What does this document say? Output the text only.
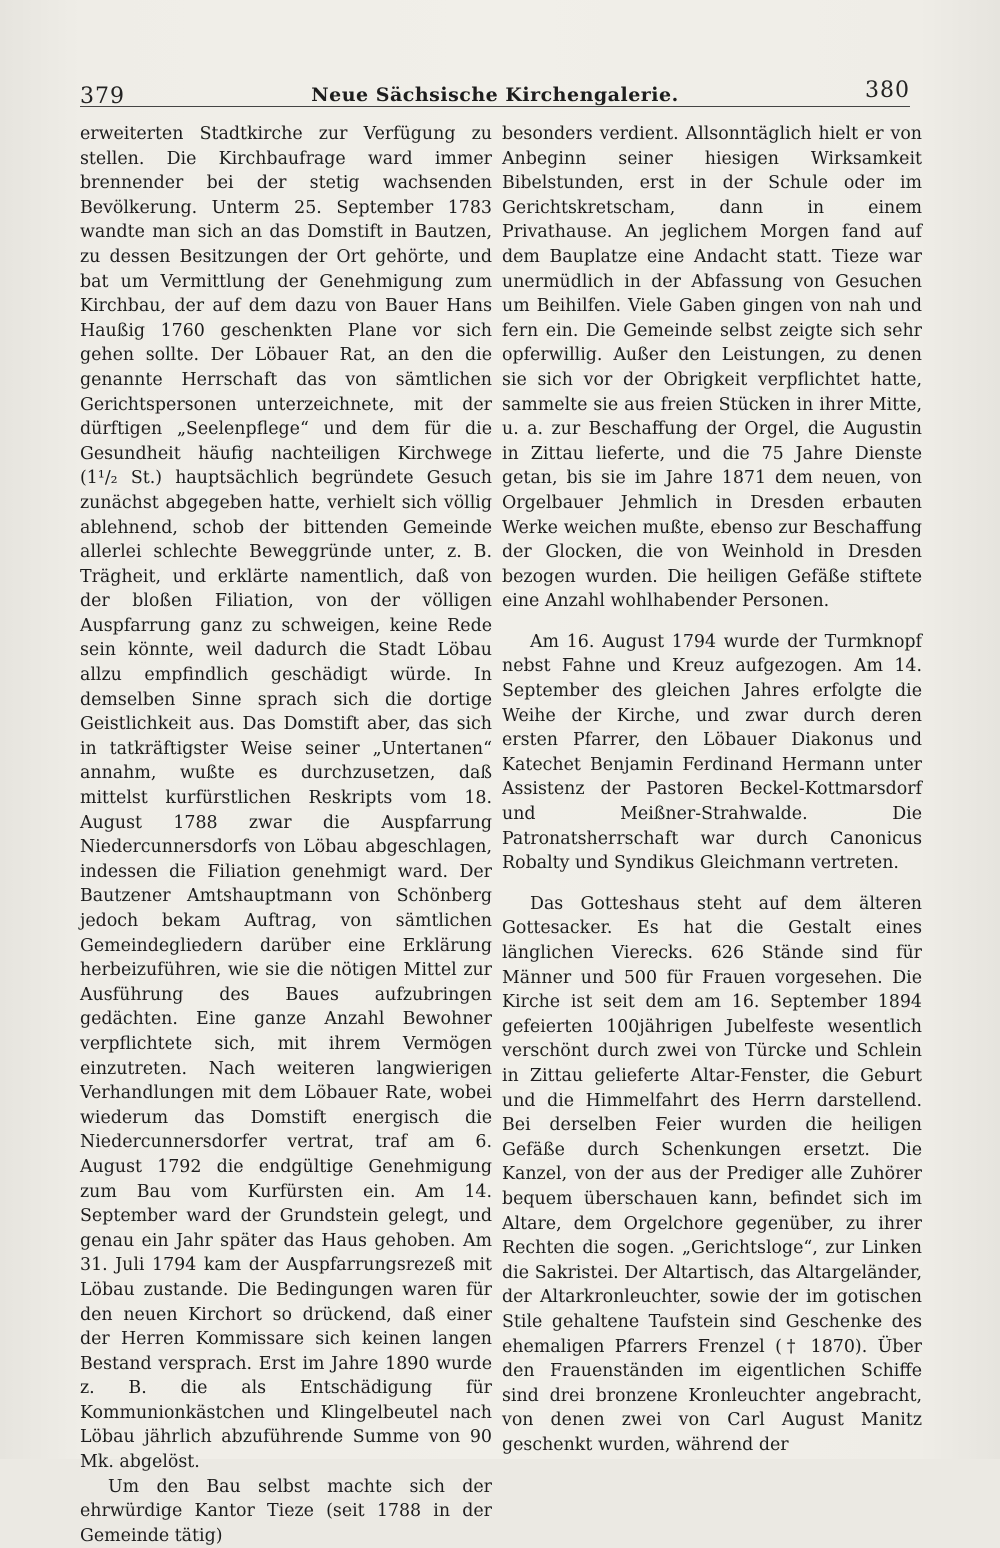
379	Neue Sächsische Kirchengalerie.	380

erweiterten Stadtkirche zur Verfügung zu stellen. Die Kirchbaufrage ward immer brennender bei der stetig wachsenden Bevölkerung. Unterm 25. September 1783 wandte man sich an das Domstift in Bautzen, zu dessen Besitzungen der Ort gehörte, und bat um Vermittlung der Genehmigung zum Kirchbau, der auf dem dazu von Bauer Hans Haußig 1760 geschenkten Plane vor sich gehen sollte. Der Löbauer Rat, an den die genannte Herrschaft das von sämtlichen Gerichtspersonen unterzeichnete, mit der dürftigen „Seelenpflege“ und dem für die Gesundheit häufig nachteiligen Kirchwege (1¹/₂ St.) hauptsächlich begründete Gesuch zunächst abgegeben hatte, verhielt sich völlig ablehnend, schob der bittenden Gemeinde allerlei schlechte Beweggründe unter, z. B. Trägheit, und erklärte namentlich, daß von der bloßen Filiation, von der völligen Auspfarrung ganz zu schweigen, keine Rede sein könnte, weil dadurch die Stadt Löbau allzu empfindlich geschädigt würde. In demselben Sinne sprach sich die dortige Geistlichkeit aus. Das Domstift aber, das sich in tatkräftigster Weise seiner „Untertanen“ annahm, wußte es durchzusetzen, daß mittelst kurfürstlichen Reskripts vom 18. August 1788 zwar die Auspfarrung Niedercunnersdorfs von Löbau abgeschlagen, indessen die Filiation genehmigt ward. Der Bautzener Amtshauptmann von Schönberg jedoch bekam Auftrag, von sämtlichen Gemeindegliedern darüber eine Erklärung herbeizuführen, wie sie die nötigen Mittel zur Ausführung des Baues aufzubringen gedächten. Eine ganze Anzahl Bewohner verpflichtete sich, mit ihrem Vermögen einzutreten. Nach weiteren langwierigen Verhandlungen mit dem Löbauer Rate, wobei wiederum das Domstift energisch die Niedercunnersdorfer vertrat, traf am 6. August 1792 die endgültige Genehmigung zum Bau vom Kurfürsten ein. Am 14. September ward der Grundstein gelegt, und genau ein Jahr später das Haus gehoben. Am 31. Juli 1794 kam der Auspfarrungsrezeß mit Löbau zustande. Die Bedingungen waren für den neuen Kirchort so drückend, daß einer der Herren Kommissare sich keinen langen Bestand versprach. Erst im Jahre 1890 wurde z. B. die als Entschädigung für Kommunionkästchen und Klingelbeutel nach Löbau jährlich abzuführende Summe von 90 Mk. abgelöst.

Um den Bau selbst machte sich der ehrwürdige Kantor Tieze (seit 1788 in der Gemeinde tätig)

besonders verdient. Allsonntäglich hielt er von Anbeginn seiner hiesigen Wirksamkeit Bibelstunden, erst in der Schule oder im Gerichtskretscham, dann in einem Privathause. An jeglichem Morgen fand auf dem Bauplatze eine Andacht statt. Tieze war unermüdlich in der Abfassung von Gesuchen um Beihilfen. Viele Gaben gingen von nah und fern ein. Die Gemeinde selbst zeigte sich sehr opferwillig. Außer den Leistungen, zu denen sie sich vor der Obrigkeit verpflichtet hatte, sammelte sie aus freien Stücken in ihrer Mitte, u. a. zur Beschaffung der Orgel, die Augustin in Zittau lieferte, und die 75 Jahre Dienste getan, bis sie im Jahre 1871 dem neuen, von Orgelbauer Jehmlich in Dresden erbauten Werke weichen mußte, ebenso zur Beschaffung der Glocken, die von Weinhold in Dresden bezogen wurden. Die heiligen Gefäße stiftete eine Anzahl wohlhabender Personen.

Am 16. August 1794 wurde der Turmknopf nebst Fahne und Kreuz aufgezogen. Am 14. September des gleichen Jahres erfolgte die Weihe der Kirche, und zwar durch deren ersten Pfarrer, den Löbauer Diakonus und Katechet Benjamin Ferdinand Hermann unter Assistenz der Pastoren Beckel-Kottmarsdorf und Meißner-Strahwalde. Die Patronatsherrschaft war durch Canonicus Robalty und Syndikus Gleichmann vertreten.

Das Gotteshaus steht auf dem älteren Gottesacker. Es hat die Gestalt eines länglichen Vierecks. 626 Stände sind für Männer und 500 für Frauen vorgesehen. Die Kirche ist seit dem am 16. September 1894 gefeierten 100jährigen Jubelfeste wesentlich verschönt durch zwei von Türcke und Schlein in Zittau gelieferte Altar-Fenster, die Geburt und die Himmelfahrt des Herrn darstellend. Bei derselben Feier wurden die heiligen Gefäße durch Schenkungen ersetzt. Die Kanzel, von der aus der Prediger alle Zuhörer bequem überschauen kann, befindet sich im Altare, dem Orgelchore gegenüber, zu ihrer Rechten die sogen. „Gerichtsloge“, zur Linken die Sakristei. Der Altartisch, das Altargeländer, der Altarkronleuchter, sowie der im gotischen Stile gehaltene Taufstein sind Geschenke des ehemaligen Pfarrers Frenzel († 1870). Über den Frauenständen im eigentlichen Schiffe sind drei bronzene Kronleuchter angebracht, von denen zwei von Carl August Manitz geschenkt wurden, während der
